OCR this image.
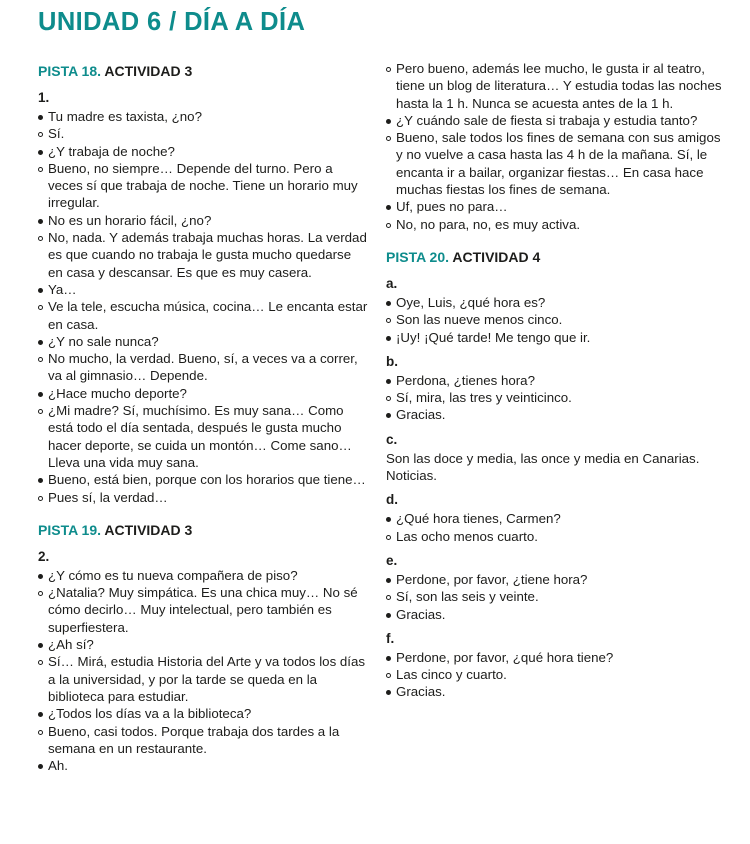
UNIDAD 6 / DÍA A DÍA
PISTA 18. ACTIVIDAD 3
1.
Tu madre es taxista, ¿no?
Sí.
¿Y trabaja de noche?
Bueno, no siempre… Depende del turno. Pero a veces sí que trabaja de noche. Tiene un horario muy irregular.
No es un horario fácil, ¿no?
No, nada. Y además trabaja muchas horas. La verdad es que cuando no trabaja le gusta mucho quedarse en casa y descansar. Es que es muy casera.
Ya…
Ve la tele, escucha música, cocina… Le encanta estar en casa.
¿Y no sale nunca?
No mucho, la verdad. Bueno, sí, a veces va a correr, va al gimnasio… Depende.
¿Hace mucho deporte?
¿Mi madre? Sí, muchísimo. Es muy sana… Como está todo el día sentada, después le gusta mucho hacer deporte, se cuida un montón… Come sano… Lleva una vida muy sana.
Bueno, está bien, porque con los horarios que tiene…
Pues sí, la verdad…
PISTA 19. ACTIVIDAD 3
2.
¿Y cómo es tu nueva compañera de piso?
¿Natalia? Muy simpática. Es una chica muy… No sé cómo decirlo… Muy intelectual, pero también es superfiestera.
¿Ah sí?
Sí… Mirá, estudia Historia del Arte y va todos los días a la universidad, y por la tarde se queda en la biblioteca para estudiar.
¿Todos los días va a la biblioteca?
Bueno, casi todos. Porque trabaja dos tardes a la semana en un restaurante.
Ah.
Pero bueno, además lee mucho, le gusta ir al teatro, tiene un blog de literatura… Y estudia todas las noches hasta la 1 h. Nunca se acuesta antes de la 1 h.
¿Y cuándo sale de fiesta si trabaja y estudia tanto?
Bueno, sale todos los fines de semana con sus amigos y no vuelve a casa hasta las 4 h de la mañana. Sí, le encanta ir a bailar, organizar fiestas… En casa hace muchas fiestas los fines de semana.
Uf, pues no para…
No, no para, no, es muy activa.
PISTA 20. ACTIVIDAD 4
a.
Oye, Luis, ¿qué hora es?
Son las nueve menos cinco.
¡Uy! ¡Qué tarde! Me tengo que ir.
b.
Perdona, ¿tienes hora?
Sí, mira, las tres y veinticinco.
Gracias.
c.

Son las doce y media, las once y media en Canarias. Noticias.

d.
¿Qué hora tienes, Carmen?
Las ocho menos cuarto.
e.
Perdone, por favor, ¿tiene hora?
Sí, son las seis y veinte.
Gracias.
f.
Perdone, por favor, ¿qué hora tiene?
Las cinco y cuarto.
Gracias.
